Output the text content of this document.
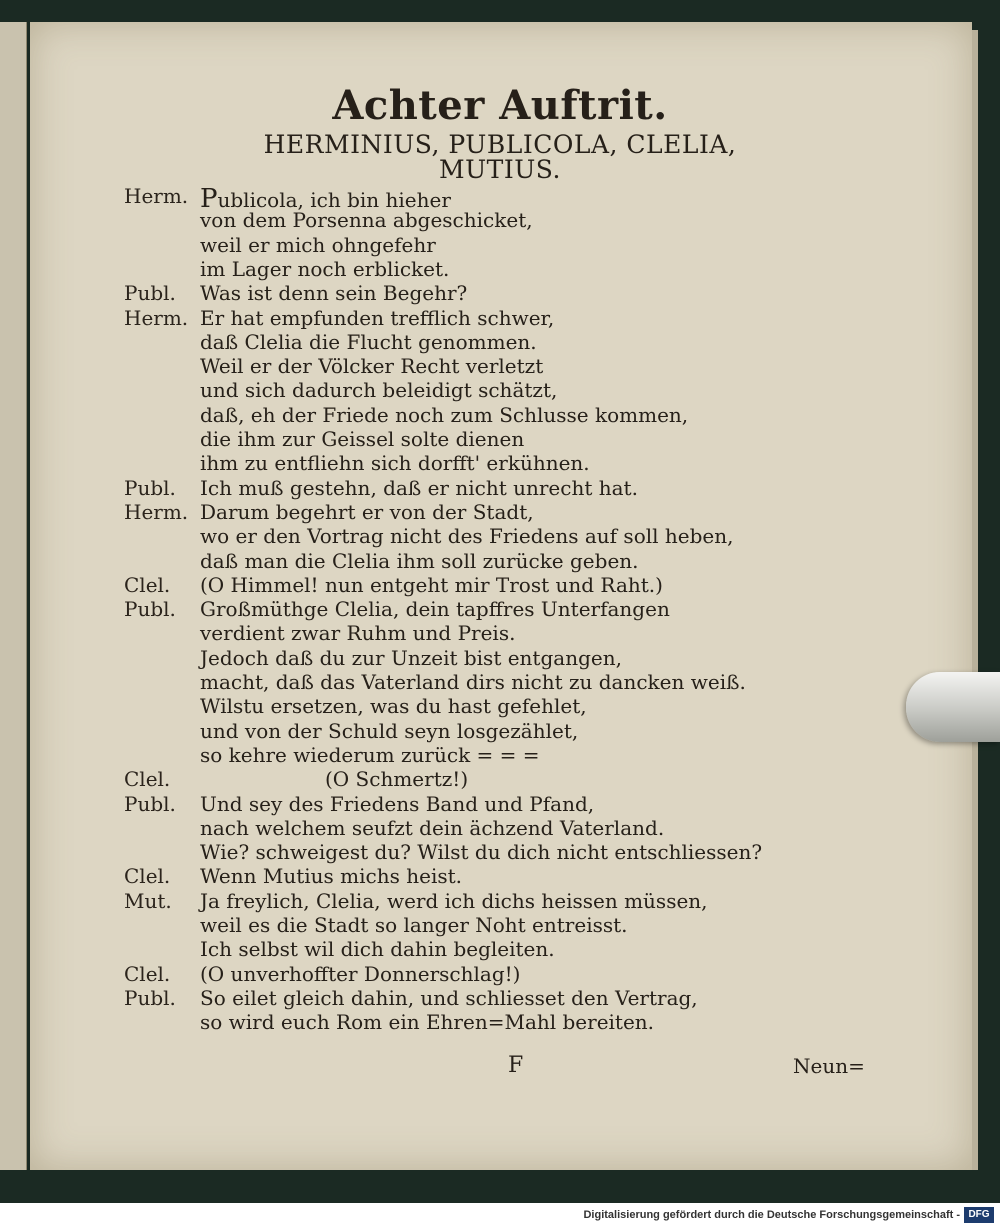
Achter Auftrit.
HERMINIUS, PUBLICOLA, CLELIA,
MUTIUS.
Herm. Publicola, ich bin hieher
von dem Porsenna abgeschicket,
weil er mich ohngefehr
im Lager noch erblicket.
Publ. Was ist denn sein Begehr?
Herm. Er hat empfunden trefflich schwer,
daß Clelia die Flucht genommen.
Weil er der Völcker Recht verletzt
und sich dadurch beleidigt schätzt,
daß, eh der Friede noch zum Schlusse kommen,
die ihm zur Geissel solte dienen
ihm zu entfliehn sich dorfft' erkühnen.
Publ. Ich muß gestehn, daß er nicht unrecht hat.
Herm. Darum begehrt er von der Stadt,
wo er den Vortrag nicht des Friedens auf soll heben,
daß man die Clelia ihm soll zurücke geben.
Clel. (O Himmel! nun entgeht mir Trost und Raht.)
Publ. Großmüthge Clelia, dein tapffres Unterfangen
verdient zwar Ruhm und Preis.
Jedoch daß du zur Unzeit bist entgangen,
macht, daß das Vaterland dirs nicht zu dancken weiß.
Wilstu ersetzen, was du hast gefehlet,
und von der Schuld seyn losgezählet,
so kehre wiederum zurück = = =
Clel.	(O Schmertz!)
Publ. Und sey des Friedens Band und Pfand,
nach welchem seufzt dein ächzend Vaterland.
Wie? schweigest du? Wilst du dich nicht entschliessen?
Clel. Wenn Mutius michs heist.
Mut. Ja freylich, Clelia, werd ich dichs heissen müssen,
weil es die Stadt so langer Noht entreisst.
Ich selbst wil dich dahin begleiten.
Clel. (O unverhoffter Donnerschlag!)
Publ. So eilet gleich dahin, und schliesset den Vertrag,
so wird euch Rom ein Ehren=Mahl bereiten.
F	Neun=
Digitalisierung gefördert durch die Deutsche Forschungsgemeinschaft - DFG
